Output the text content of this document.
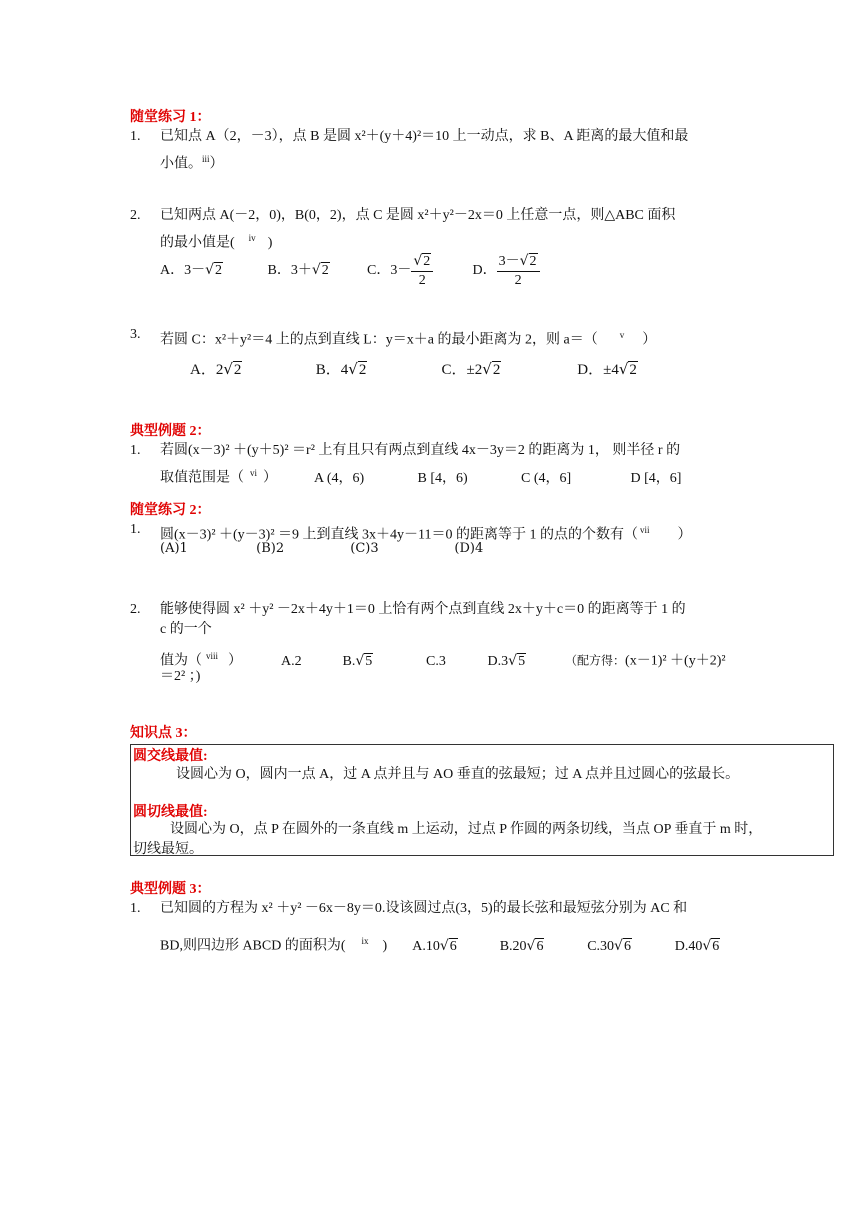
随堂练习 1：
1.	已知点 A（2，－3），点 B 是圆 x²＋(y＋4)²＝10 上一动点，求 B、A 距离的最大值和最
小值。$^{iii}$）
2.	已知两点 A(－2，0)，B(0，2)，点 C 是圆 x²＋y²－2x＝0 上任意一点，则△ABC 面积
的最小值是( $^{iv}$ )
A．3－√2	B．3＋√2	C．$3- \frac{√2}{2}$	D． $\frac{3-√2}{2}$
3.	若圆 C：x²＋y²＝4 上的点到直线 L：y＝x＋a 的最小距离为 2，则 a＝（ $^v$ ）
A．2√2	B．4√2	C．±2√2	D．±4√2
典型例题 2：
1.	若圆(x－3)² ＋(y＋5)² ＝r² 上有且只有两点到直线 4x－3y＝2 的距离为 1， 则半径 r 的
取值范围是（ $^{vi}$ ）	A (4，6)	B [4，6)	C (4，6]	D [4，6]
随堂练习 2：
1.	圆(x－3)² ＋(y－3)² ＝9 上到直线 3x＋4y－11＝0 的距离等于 1 的点的个数有（ $^{vii}$ ）
(A)1	(B)2	(C)3	(D)4
2.	能够使得圆 x² ＋y² －2x＋4y＋1＝0 上恰有两个点到直线 2x＋y＋c＝0 的距离等于 1 的
c 的一个
值为（ $^{viii}$ ）	A.2	B.√5	C.3	D.3√5	（配方得：(x－1)² ＋(y＋2)²
＝2² ；)
知识点 3：
圆交线最值:
设圆心为 O，圆内一点 A，过 A 点并且与 AO 垂直的弦最短；过 A 点并且过圆心的弦最长。
圆切线最值:
设圆心为 O，点 P 在圆外的一条直线 m 上运动，过点 P 作圆的两条切线，当点 OP 垂直于 m 时，
切线最短。
典型例题 3：
1.	已知圆的方程为 x² ＋y² －6x－8y＝0.设该圆过点(3，5)的最长弦和最短弦分别为 AC 和
BD,则四边形 ABCD 的面积为( $^{ix}$ ) A.10√6	B.20√6	C.30√6	D.40√6
